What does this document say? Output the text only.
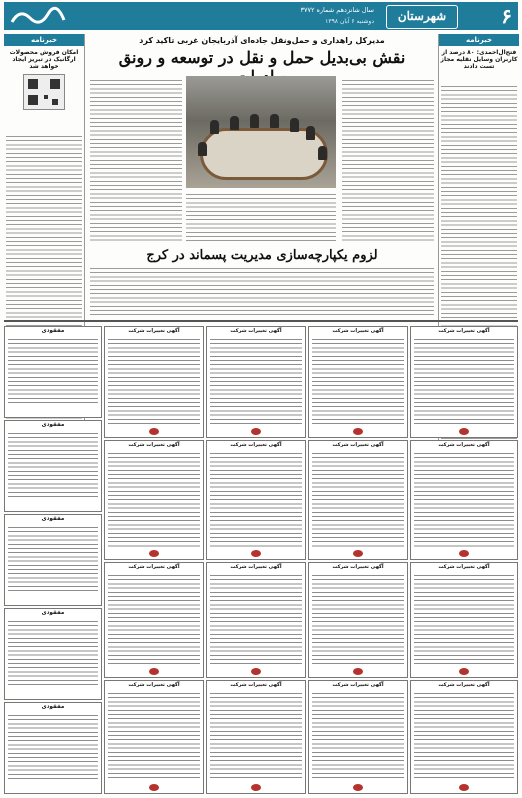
سال شانزدهم شماره ۳۷۷۲
دوشنبه ۶ آبان ۱۳۹۸	شهرستان	۶
خبرنامه
فتح‌ال‌احمدی: ۸۰ درصد از کاربران وسایل نقلیه مجاز تست دادند
خبرنامه
امکان فروش محصولات ارگانیک در تبریز ایجاد خواهد شد
مدیرکل راهداری و حمل‌ونقل جاده‌ای آذربایجان غربی تاکید کرد
نقش بی‌بدیل حمل و نقل در توسعه و رونق
لزوم یکپارچه‌سازی مدیریت پسماند در کرج
مفقودی
مفقودی
مفقودی
مفقودی
مفقودی
آگهی تغییرات شرکت	آگهی تغییرات شرکت	آگهی تغییرات شرکت	آگهی تغییرات شرکت
آگهی تغییرات شرکت	آگهی تغییرات شرکت	آگهی تغییرات شرکت	آگهی تغییرات شرکت
آگهی تغییرات شرکت	آگهی تغییرات شرکت	آگهی تغییرات شرکت	آگهی تغییرات شرکت
آگهی تغییرات شرکت	آگهی تغییرات شرکت	آگهی تغییرات شرکت	آگهی تغییرات شرکت
